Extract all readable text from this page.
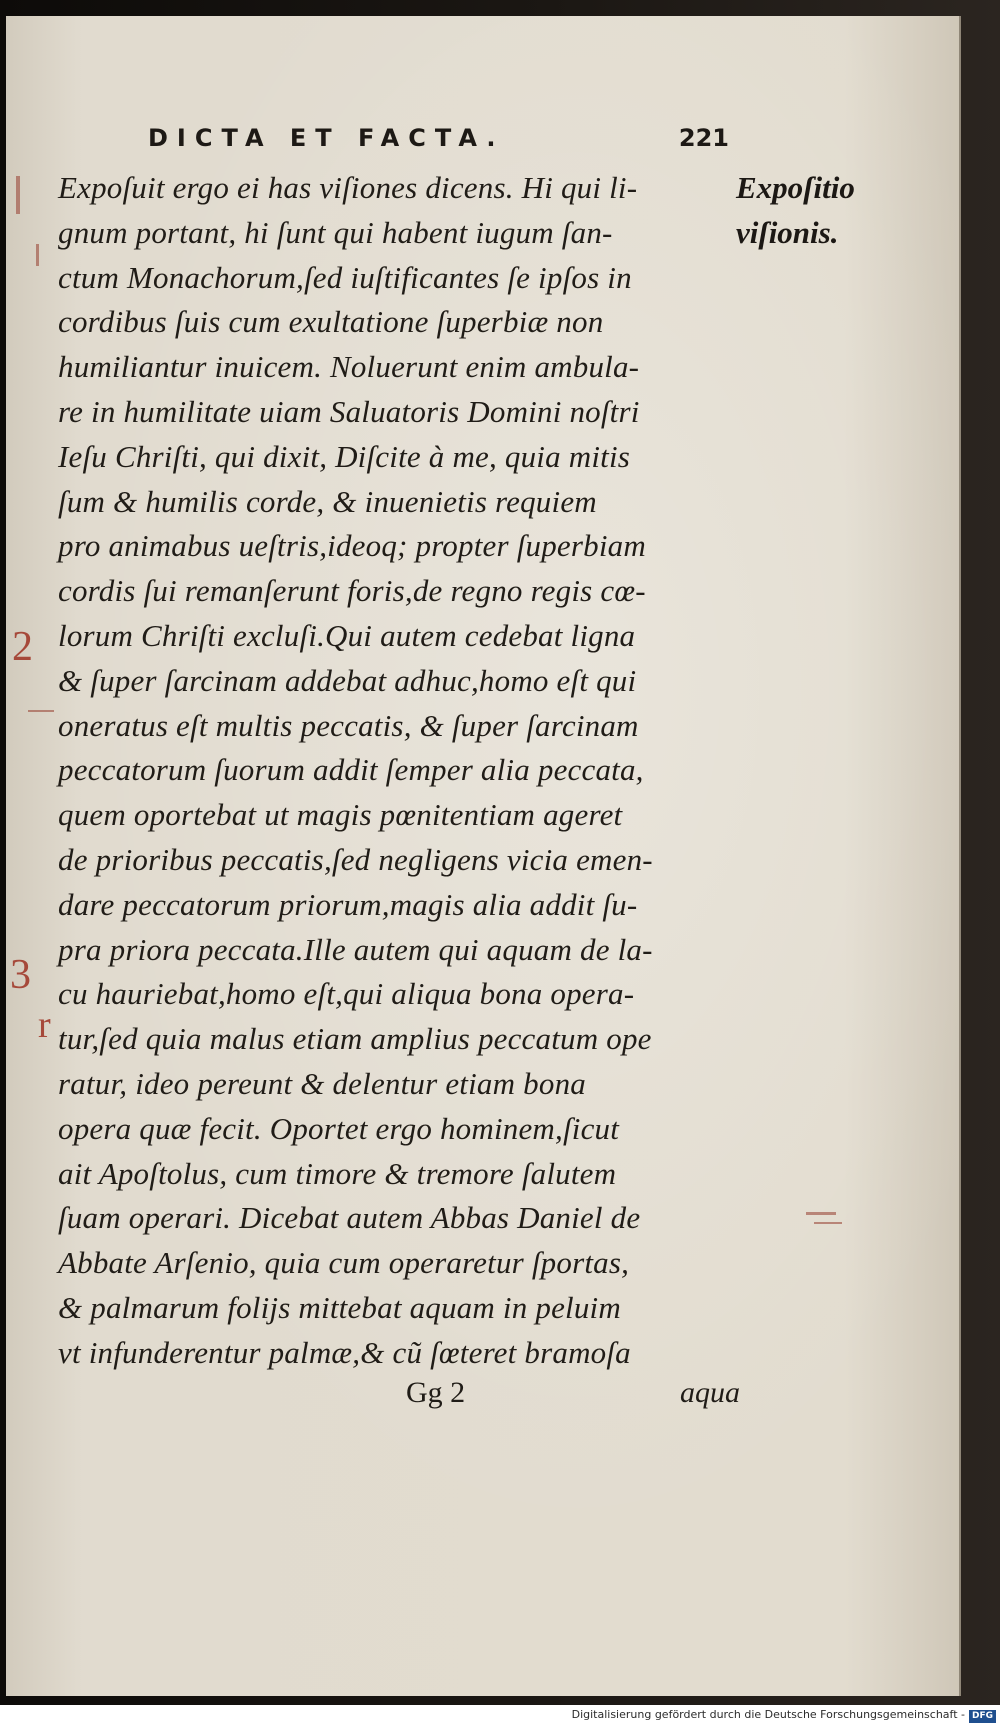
DICTA ET FACTA.	221
Expoſuit ergo ei has viſiones dicens. Hi qui li-
gnum portant, hi ſunt qui habent iugum ſan-
ctum Monachorum,ſed iuſtificantes ſe ipſos in
cordibus ſuis cum exultatione ſuperbiæ non
humiliantur inuicem. Noluerunt enim ambula-
re in humilitate uiam Saluatoris Domini noſtri
Ieſu Chriſti, qui dixit, Diſcite à me, quia mitis
ſum & humilis corde, & inuenietis requiem
pro animabus ueſtris,ideoq; propter ſuperbiam
cordis ſui remanſerunt foris,de regno regis cœ-
lorum Chriſti excluſi.Qui autem cedebat ligna
& ſuper ſarcinam addebat adhuc,homo eſt qui
oneratus eſt multis peccatis, & ſuper ſarcinam
peccatorum ſuorum addit ſemper alia peccata,
quem oportebat ut magis pœnitentiam ageret
de prioribus peccatis,ſed negligens vicia emen-
dare peccatorum priorum,magis alia addit ſu-
pra priora peccata.Ille autem qui aquam de la-
cu hauriebat,homo eſt,qui aliqua bona opera-
tur,ſed quia malus etiam amplius peccatum ope
ratur, ideo pereunt & delentur etiam bona
opera quæ fecit. Oportet ergo hominem,ſicut
ait Apoſtolus, cum timore & tremore ſalutem
ſuam operari. Dicebat autem Abbas Daniel de
Abbate Arſenio, quia cum operaretur ſportas,
& palmarum folijs mittebat aquam in peluim
vt infunderentur palmæ,& cũ ſœteret bramoſa
Expoſitio
viſionis.
Gg 2	aqua
2
3
r
Digitalisierung gefördert durch die Deutsche Forschungsgemeinschaft - DFG
